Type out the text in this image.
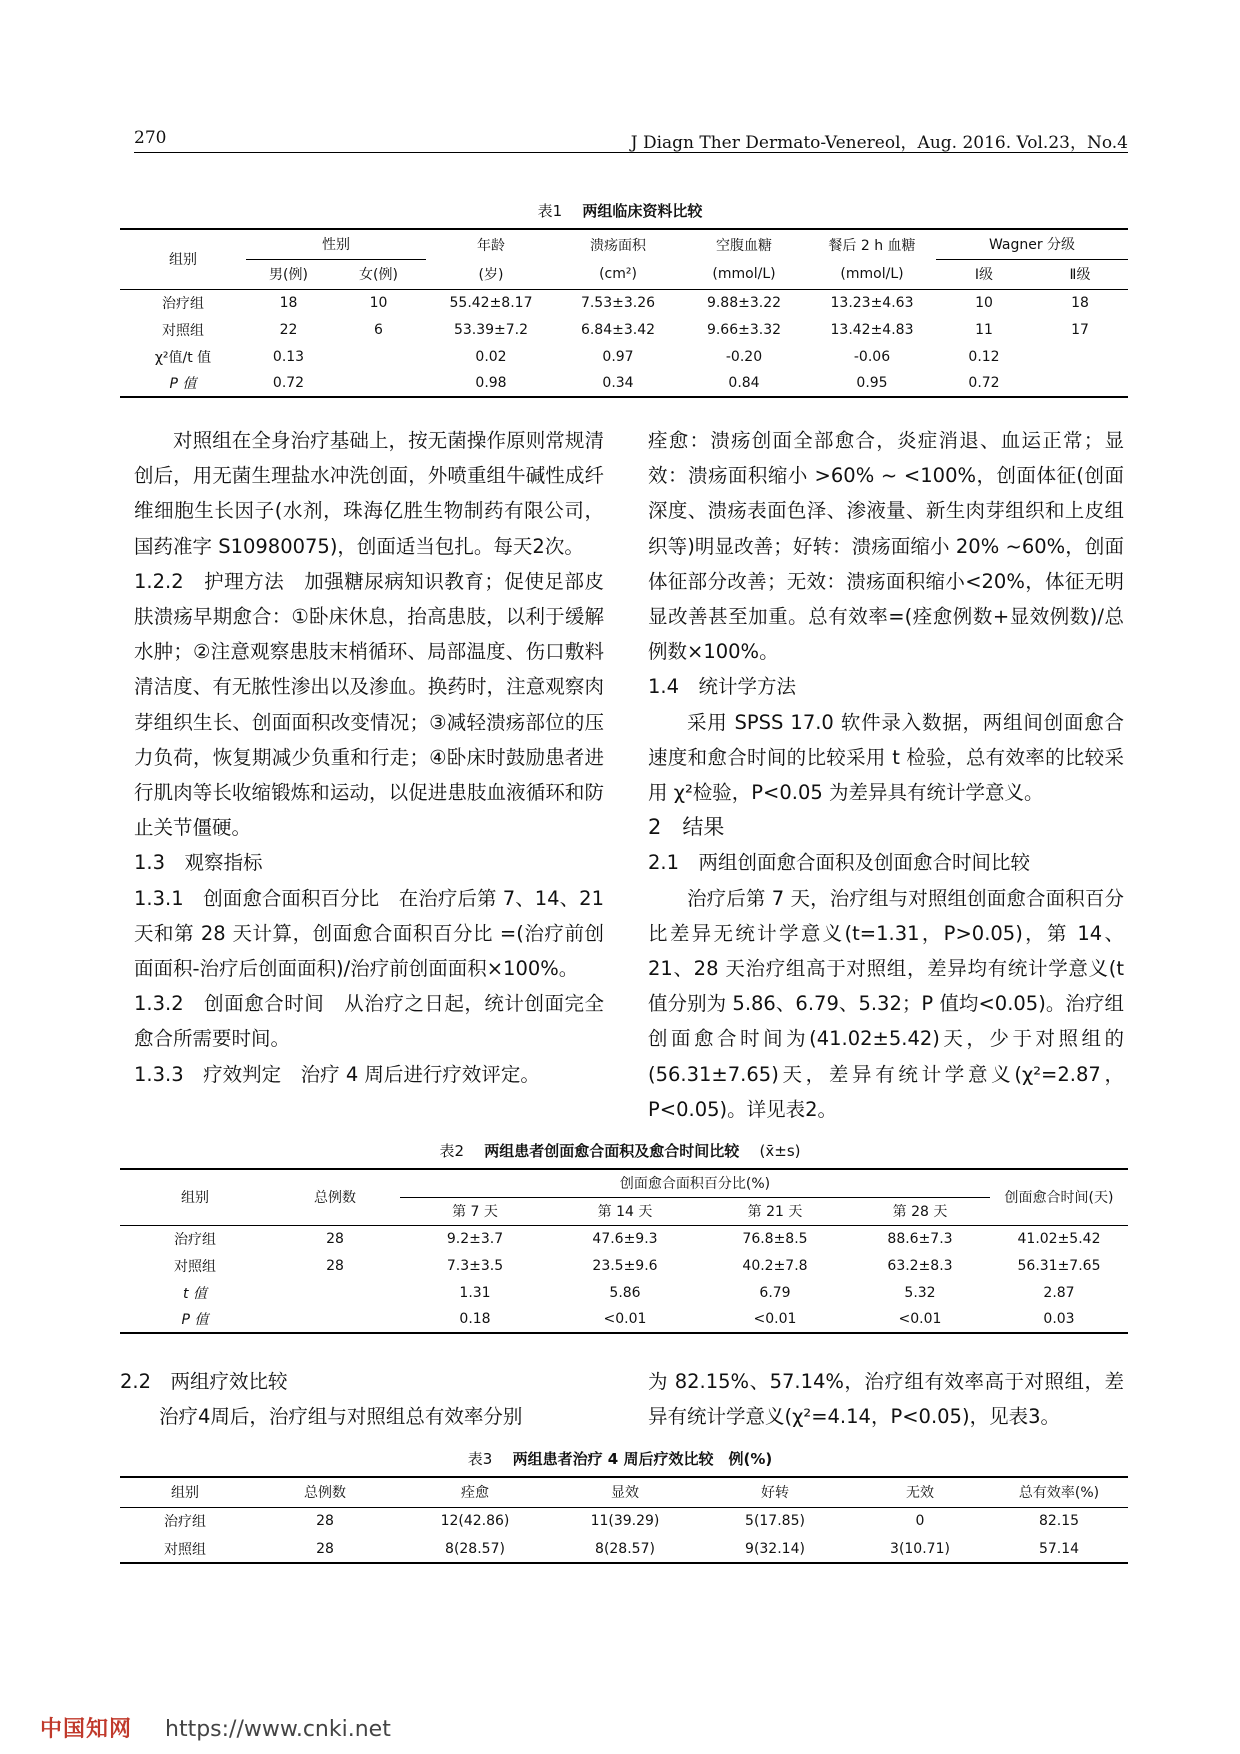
270	J Diagn Ther Dermato-Venereol，Aug. 2016. Vol.23，No.4
表1　 两组临床资料比较
组别	性别		年龄	溃疡面积	空腹血糖	餐后 2 h 血糖	Wagner 分级	
	男(例)	女(例)	(岁)	(cm²)	(mmol/L)	(mmol/L)	Ⅰ级	Ⅱ级
治疗组	18	10	55.42±8.17	7.53±3.26	9.88±3.22	13.23±4.63	10	18
对照组	22	6	53.39±7.2	6.84±3.42	9.66±3.32	13.42±4.83	11	17
χ²值/t 值	0.13		0.02	0.97	-0.20	-0.06	0.12	
P 值	0.72		0.98	0.34	0.84	0.95	0.72	

对照组在全身治疗基础上，按无菌操作原则常规清创后，用无菌生理盐水冲洗创面，外喷重组牛碱性成纤维细胞生长因子(水剂，珠海亿胜生物制药有限公司，国药准字 S10980075)，创面适当包扎。每天2次。

1.2.2　护理方法　加强糖尿病知识教育；促使足部皮肤溃疡早期愈合：①卧床休息，抬高患肢，以利于缓解水肿；②注意观察患肢末梢循环、局部温度、伤口敷料清洁度、有无脓性渗出以及渗血。换药时，注意观察肉芽组织生长、创面面积改变情况；③减轻溃疡部位的压力负荷，恢复期减少负重和行走；④卧床时鼓励患者进行肌肉等长收缩锻炼和运动，以促进患肢血液循环和防止关节僵硬。

1.3　观察指标

1.3.1　创面愈合面积百分比　在治疗后第 7、14、21 天和第 28 天计算，创面愈合面积百分比 =(治疗前创面面积-治疗后创面面积)/治疗前创面面积×100%。

1.3.2　创面愈合时间　从治疗之日起，统计创面完全愈合所需要时间。

1.3.3　疗效判定　治疗 4 周后进行疗效评定。

痊愈：溃疡创面全部愈合，炎症消退、血运正常；显效：溃疡面积缩小 >60% ~ <100%，创面体征(创面深度、溃疡表面色泽、渗液量、新生肉芽组织和上皮组织等)明显改善；好转：溃疡面缩小 20% ~60%，创面体征部分改善；无效：溃疡面积缩小<20%，体征无明显改善甚至加重。总有效率=(痊愈例数+显效例数)/总例数×100%。

1.4　统计学方法

采用 SPSS 17.0 软件录入数据，两组间创面愈合速度和愈合时间的比较采用 t 检验，总有效率的比较采用 χ²检验，P<0.05 为差异具有统计学意义。

2　结果

2.1　两组创面愈合面积及创面愈合时间比较

治疗后第 7 天，治疗组与对照组创面愈合面积百分比差异无统计学意义(t=1.31，P>0.05)，第 14、21、28 天治疗组高于对照组，差异均有统计学意义(t 值分别为 5.86、6.79、5.32；P 值均<0.05)。治疗组创面愈合时间为(41.02±5.42)天，少于对照组的(56.31±7.65)天，差异有统计学意义(χ²=2.87，P<0.05)。详见表2。

表2　 两组患者创面愈合面积及愈合时间比较　 (x̄±s)
组别	总例数	创面愈合面积百分比(%)				创面愈合时间(天)
		第 7 天	第 14 天	第 21 天	第 28 天	
治疗组	28	9.2±3.7	47.6±9.3	76.8±8.5	88.6±7.3	41.02±5.42
对照组	28	7.3±3.5	23.5±9.6	40.2±7.8	63.2±8.3	56.31±7.65
t 值		1.31	5.86	6.79	5.32	2.87
P 值		0.18	<0.01	<0.01	<0.01	0.03

2.2　两组疗效比较

治疗4周后，治疗组与对照组总有效率分别

为 82.15%、57.14%，治疗组有效率高于对照组，差异有统计学意义(χ²=4.14，P<0.05)，见表3。

表3　 两组患者治疗 4 周后疗效比较　例(%)
组别	总例数	痊愈	显效	好转	无效	总有效率(%)
治疗组	28	12(42.86)	11(39.29)	5(17.85)	0	82.15
对照组	28	8(28.57)	8(28.57)	9(32.14)	3(10.71)	57.14
中国知网 https://www.cnki.net
